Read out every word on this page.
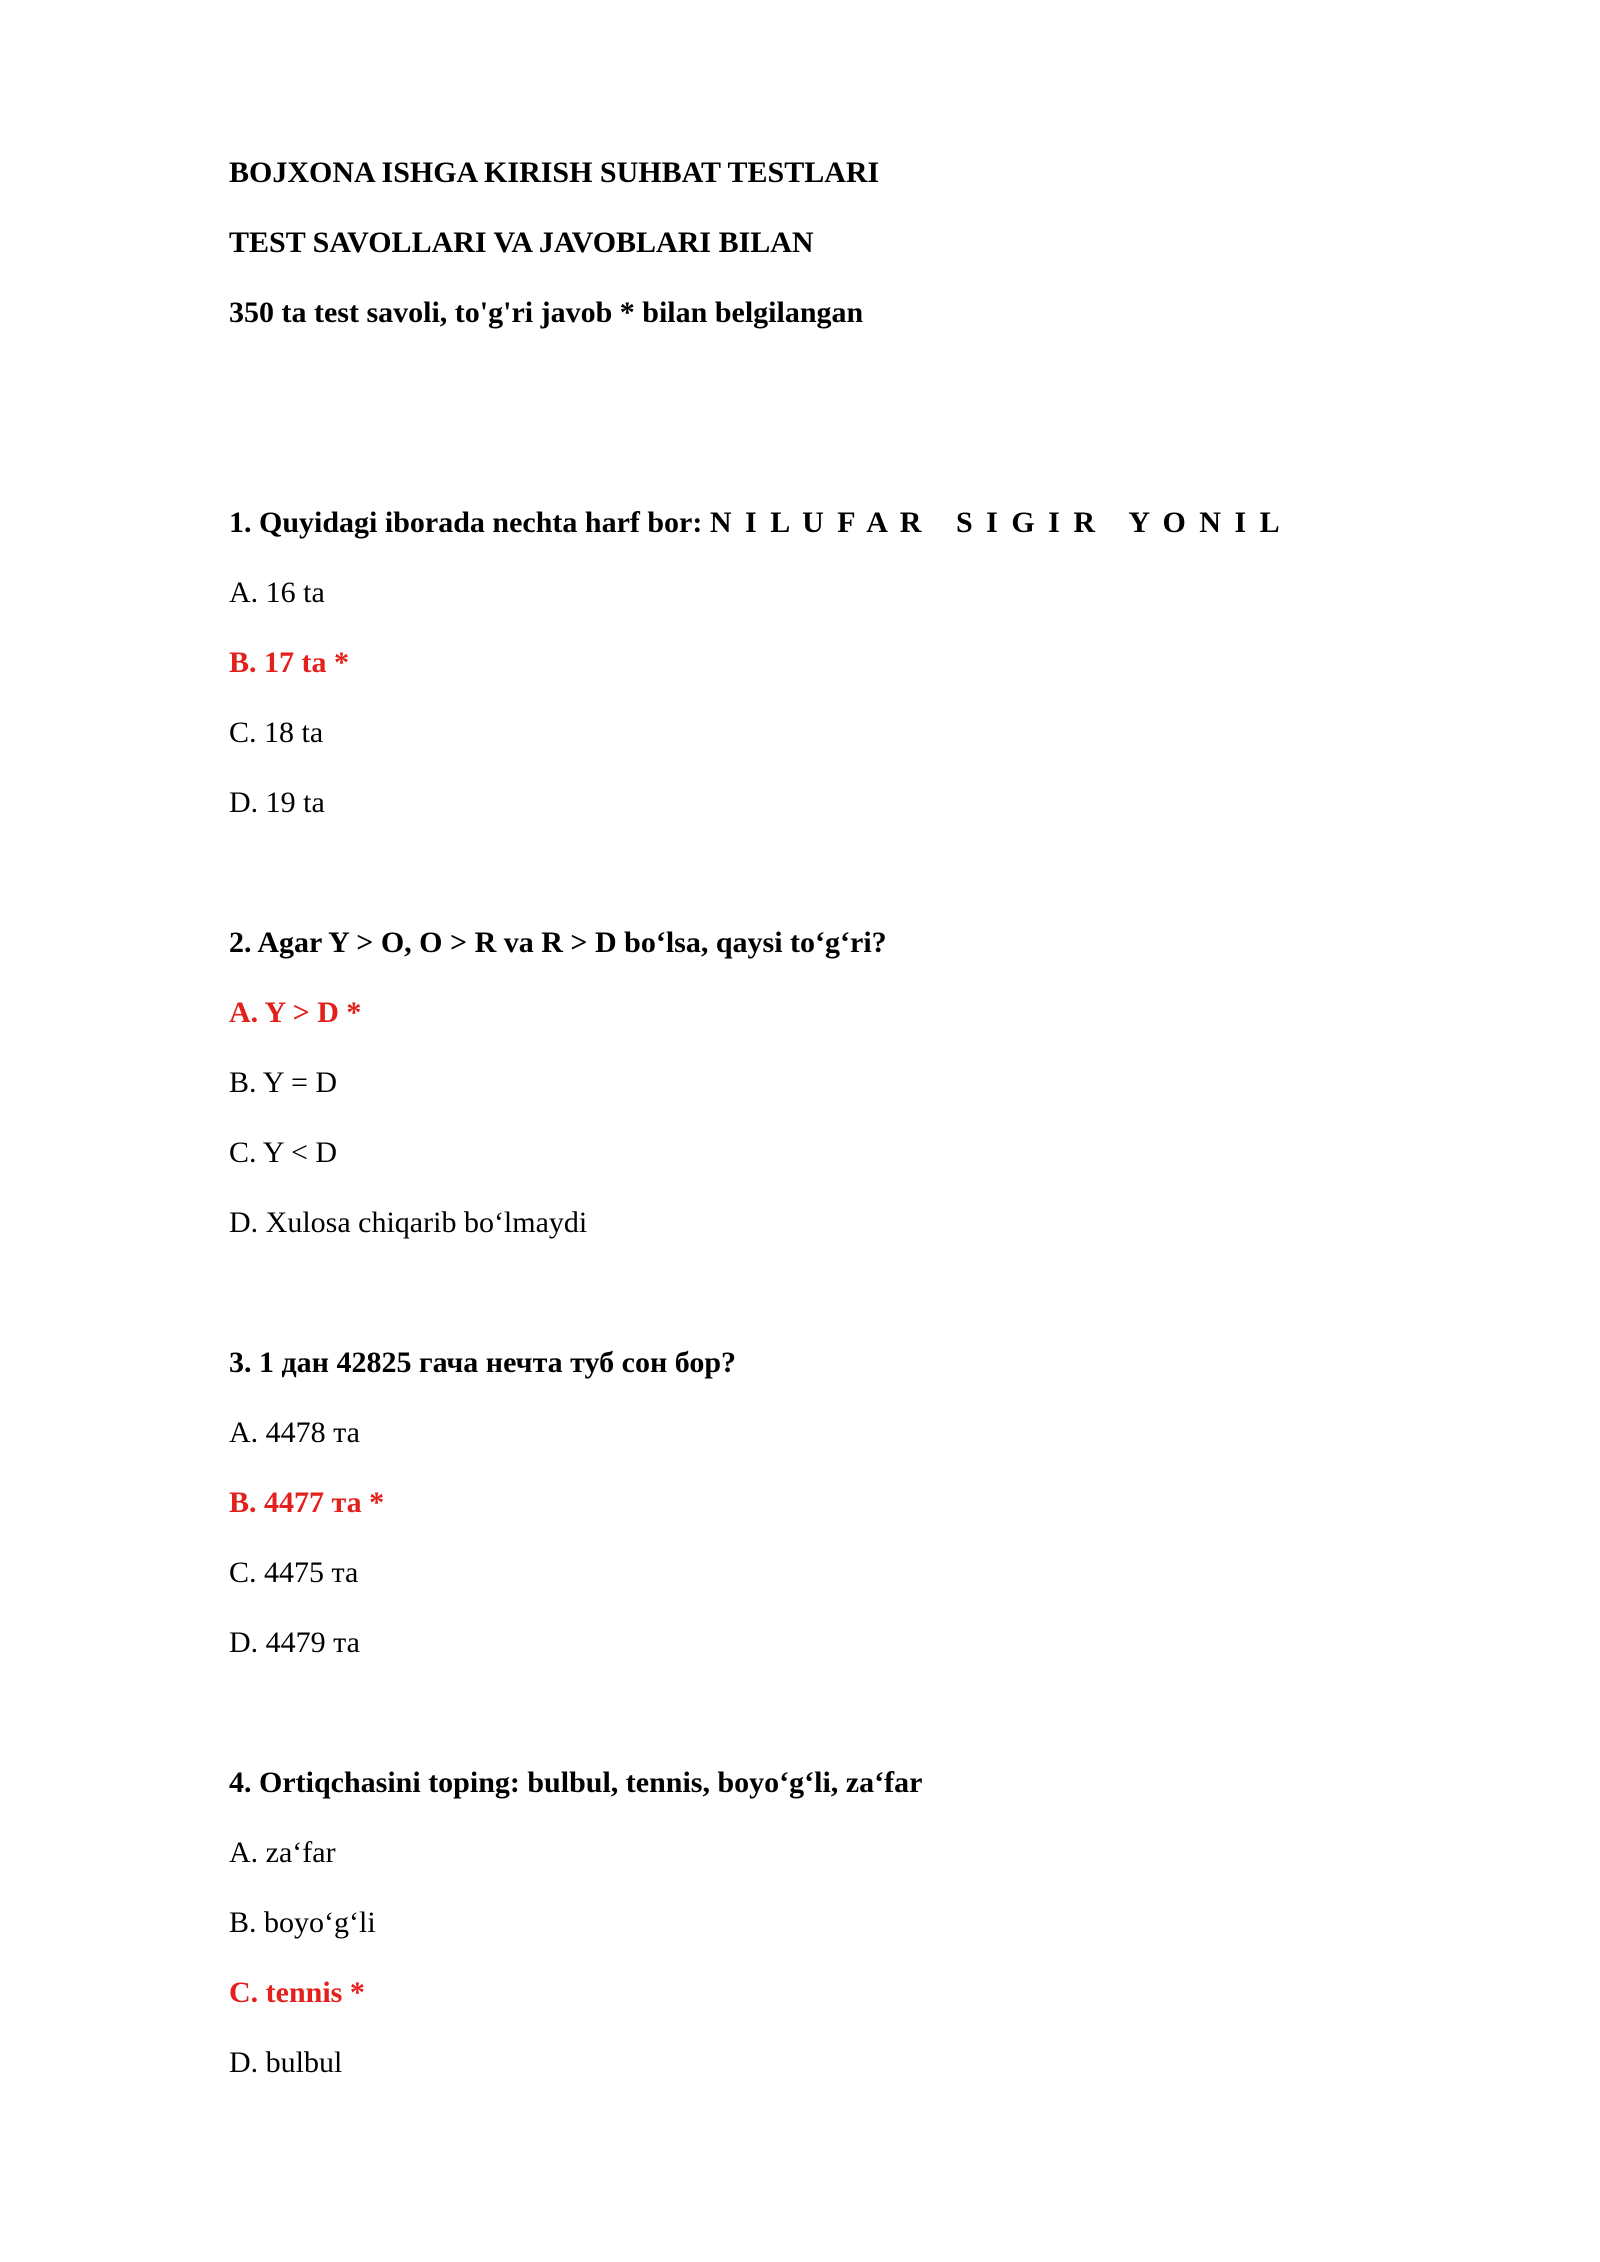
BOJXONA ISHGA KIRISH SUHBAT TESTLARI
TEST SAVOLLARI VA JAVOBLARI BILAN
350 ta test savoli, to'g'ri javob * bilan belgilangan
1. Quyidagi iborada nechta harf bor: N I L U F A R   S I G I R   Y O N I L
A. 16 ta
B. 17 ta *
C. 18 ta
D. 19 ta
2. Agar Y > O, O > R va R > D bo‘lsa, qaysi to‘g‘ri?
A. Y > D *
B. Y = D
C. Y < D
D. Xulosa chiqarib bo‘lmaydi
3. 1 дан 42825 гача нечта туб сон бор?
A. 4478 та
B. 4477 та *
C. 4475 та
D. 4479 та
4. Ortiqchasini toping: bulbul, tennis, boyo‘g‘li, za‘far
A. za‘far
B. boyo‘g‘li
C. tennis *
D. bulbul
